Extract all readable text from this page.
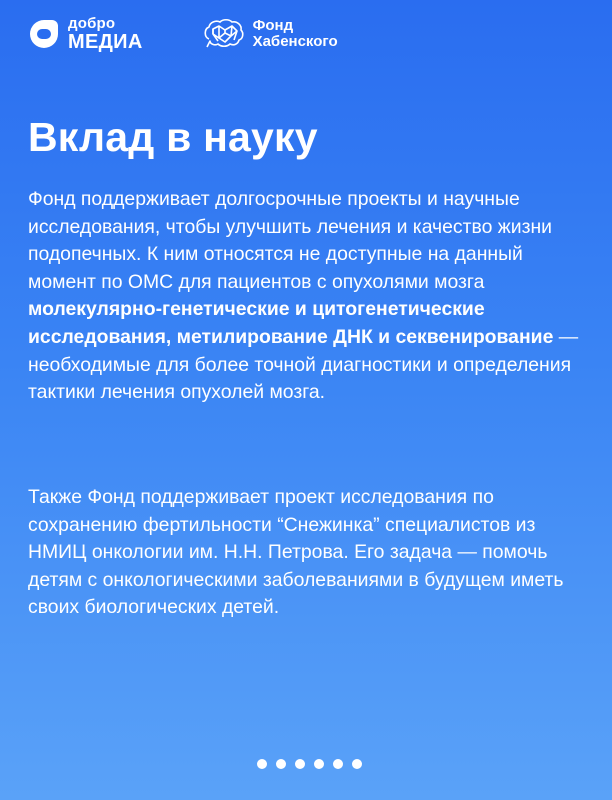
добро
МЕДИА
Фонд
Хабенского
Вклад в науку

Фонд поддерживает долгосрочные проекты и научные исследования, чтобы улучшить лечения и качество жизни подопечных. К ним относятся не доступные на данный момент по ОМС для пациентов с опухолями мозга молекулярно-генетические и цитогенетические исследования, метилирование ДНК и секвенирование — необходимые для более точной диагностики и определения тактики лечения опухолей мозга.

Также Фонд поддерживает проект исследования по сохранению фертильности “Снежинка” специалистов из НМИЦ онкологии им. Н.Н. Петрова. Его задача — помочь детям с онкологическими заболеваниями в будущем иметь своих биологических детей.
